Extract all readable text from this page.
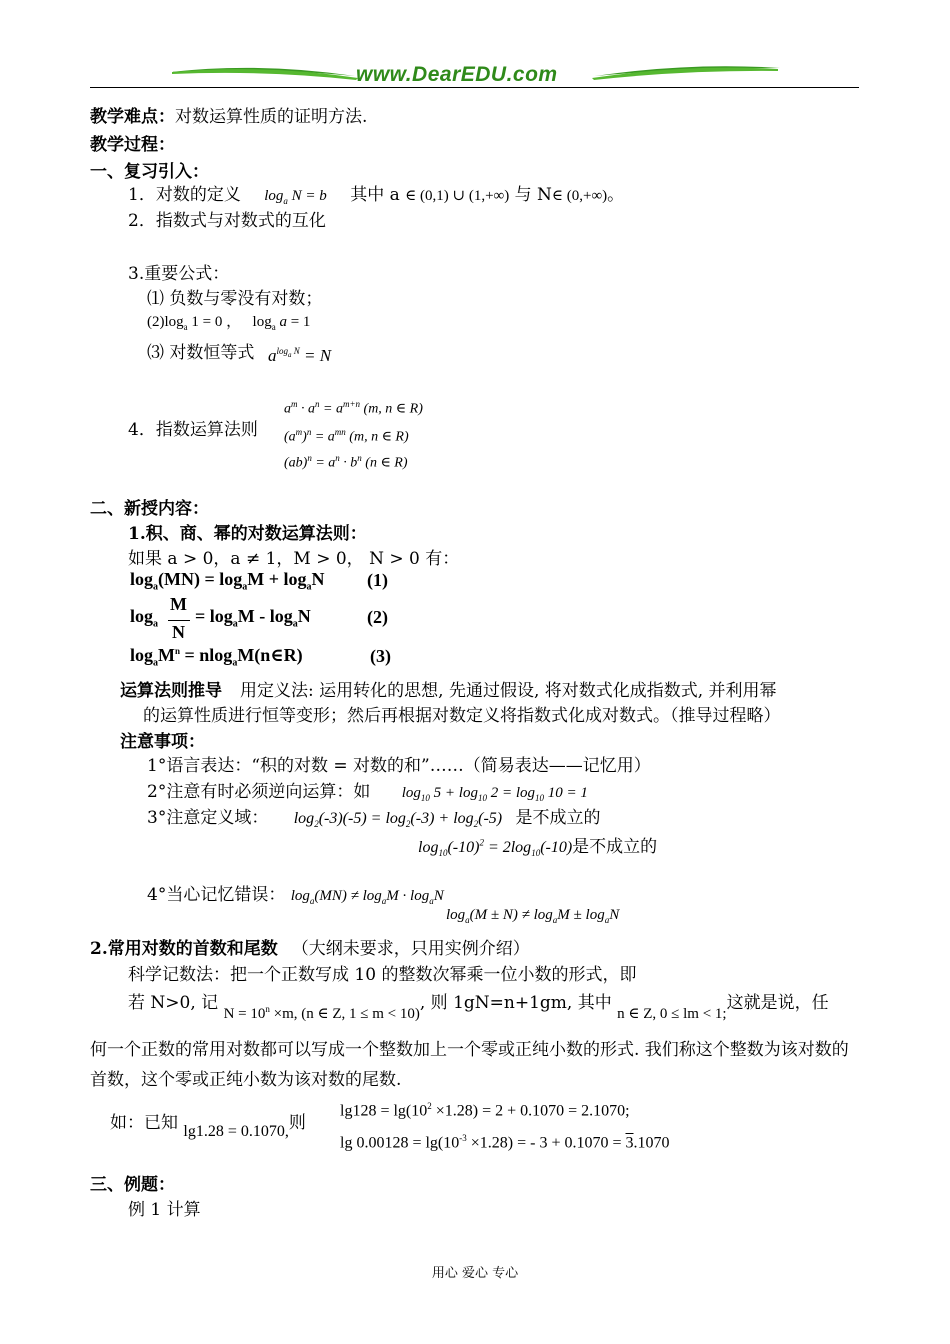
www.DearEDU.com
教学难点：对数运算性质的证明方法.
教学过程：
一、复习引入：
1．对数的定义 $\log_a N = b$ 其中 a ∈ (0,1) ∪ (1,+∞) 与 N∈ (0,+∞)。
2．指数式与对数式的互化
3.重要公式：
⑴ 负数与零没有对数；
$(2)\log_a$ 1 = 0 ， $\log_a a = 1$
⑶ 对数恒等式 $a^{log_a N} = N$
4．指数运算法则
$a^m \cdot a^n = a^{m+n}$ (m, n ∈ R)
$(a^m)^n = a^{mn}$ (m, n ∈ R)
$(ab)^n = a^n \cdot b^n$ (n ∈ R)
二、新授内容：
1.积、商、幂的对数运算法则：
如果 a > 0，a ≠ 1，M > 0， N > 0 有：
$\log_a(MN) = \log_aM + \log_aN$ (1)
$\log_a$
M
N
= $\log_aM - \log_aN$	(2)
$\log_aM^n$ = nlog$_a$M(n∈R)	(3)
运算法则推导 用定义法: 运用转化的思想, 先通过假设, 将对数式化成指数式, 并利用幂
的运算性质进行恒等变形；然后再根据对数定义将指数式化成对数式。（推导过程略）
注意事项：
1°语言表达：“积的对数 = 对数的和”……（简易表达——记忆用）
2°注意有时必须逆向运算：如 $\log_{10} 5 + \log_{10} 2 = \log_{10} 10 = 1$
3°注意定义域： $\log_2(-3)(-5) = \log_2(-3) + \log_2(-5)$ 是不成立的
$\log_{10}(-10)^2 = 2\log_{10}(-10)$是不成立的
4°当心记忆错误： $\log_a(MN) \ne \log_aM \cdot \log_aN$
$\log_a(M \pm N) \ne \log_aM \pm \log_aN$
2.常用对数的首数和尾数 （大纲未要求，只用实例介绍）
科学记数法：把一个正数写成 10 的整数次幂乘一位小数的形式，即
若 N>0, 记 $N = 10^n \times m$, (n ∈ Z, 1 ≤ m < 10), 则 1gN=n+1gm, 其中 n ∈ Z, 0 ≤ lm < 1;这就是说，任
何一个正数的常用对数都可以写成一个整数加上一个零或正纯小数的形式. 我们称这个整数为该对数的首数，这个零或正纯小数为该对数的尾数.
如：已知 lg1.28 = 0.1070,则
$\lg 128 = \lg(10^2 \times 1.28) = 2 + 0.1070 = 2.1070$;
$\lg 0.00128 = \lg(10^{-3} \times 1.28)$ = - 3 + 0.1070 = 3.1070
三、例题：
例 1 计算
用心 爱心 专心
